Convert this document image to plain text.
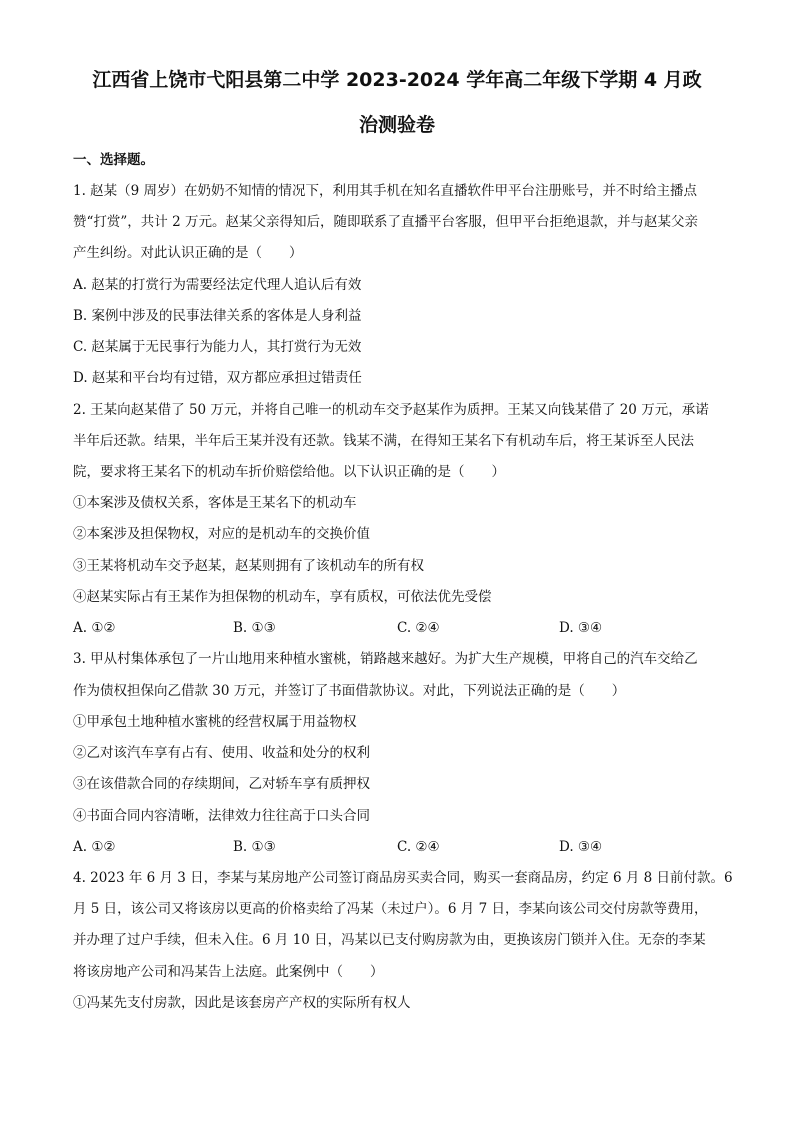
江西省上饶市弋阳县第二中学 2023-2024 学年高二年级下学期 4 月政
治测验卷
一、选择题。
1. 赵某（9 周岁）在奶奶不知情的情况下，利用其手机在知名直播软件甲平台注册账号，并不时给主播点
赞“打赏”，共计 2 万元。赵某父亲得知后，随即联系了直播平台客服，但甲平台拒绝退款，并与赵某父亲
产生纠纷。对此认识正确的是（　　）
A. 赵某的打赏行为需要经法定代理人追认后有效
B. 案例中涉及的民事法律关系的客体是人身利益
C. 赵某属于无民事行为能力人，其打赏行为无效
D. 赵某和平台均有过错，双方都应承担过错责任
2. 王某向赵某借了 50 万元，并将自己唯一的机动车交予赵某作为质押。王某又向钱某借了 20 万元，承诺
半年后还款。结果，半年后王某并没有还款。钱某不满，在得知王某名下有机动车后，将王某诉至人民法
院，要求将王某名下的机动车折价赔偿给他。以下认识正确的是（　　）
①本案涉及债权关系，客体是王某名下的机动车
②本案涉及担保物权，对应的是机动车的交换价值
③王某将机动车交予赵某，赵某则拥有了该机动车的所有权
④赵某实际占有王某作为担保物的机动车，享有质权，可依法优先受偿
A. ①②	B. ①③	C. ②④	D. ③④
3. 甲从村集体承包了一片山地用来种植水蜜桃，销路越来越好。为扩大生产规模，甲将自己的汽车交给乙
作为债权担保向乙借款 30 万元，并签订了书面借款协议。对此，下列说法正确的是（　　）
①甲承包土地种植水蜜桃的经营权属于用益物权
②乙对该汽车享有占有、使用、收益和处分的权利
③在该借款合同的存续期间，乙对轿车享有质押权
④书面合同内容清晰，法律效力往往高于口头合同
A. ①②	B. ①③	C. ②④	D. ③④
4. 2023 年 6 月 3 日，李某与某房地产公司签订商品房买卖合同，购买一套商品房，约定 6 月 8 日前付款。6
月 5 日，该公司又将该房以更高的价格卖给了冯某（未过户）。6 月 7 日，李某向该公司交付房款等费用，
并办理了过户手续，但未入住。6 月 10 日，冯某以已支付购房款为由，更换该房门锁并入住。无奈的李某
将该房地产公司和冯某告上法庭。此案例中（　　）
①冯某先支付房款，因此是该套房产产权的实际所有权人
